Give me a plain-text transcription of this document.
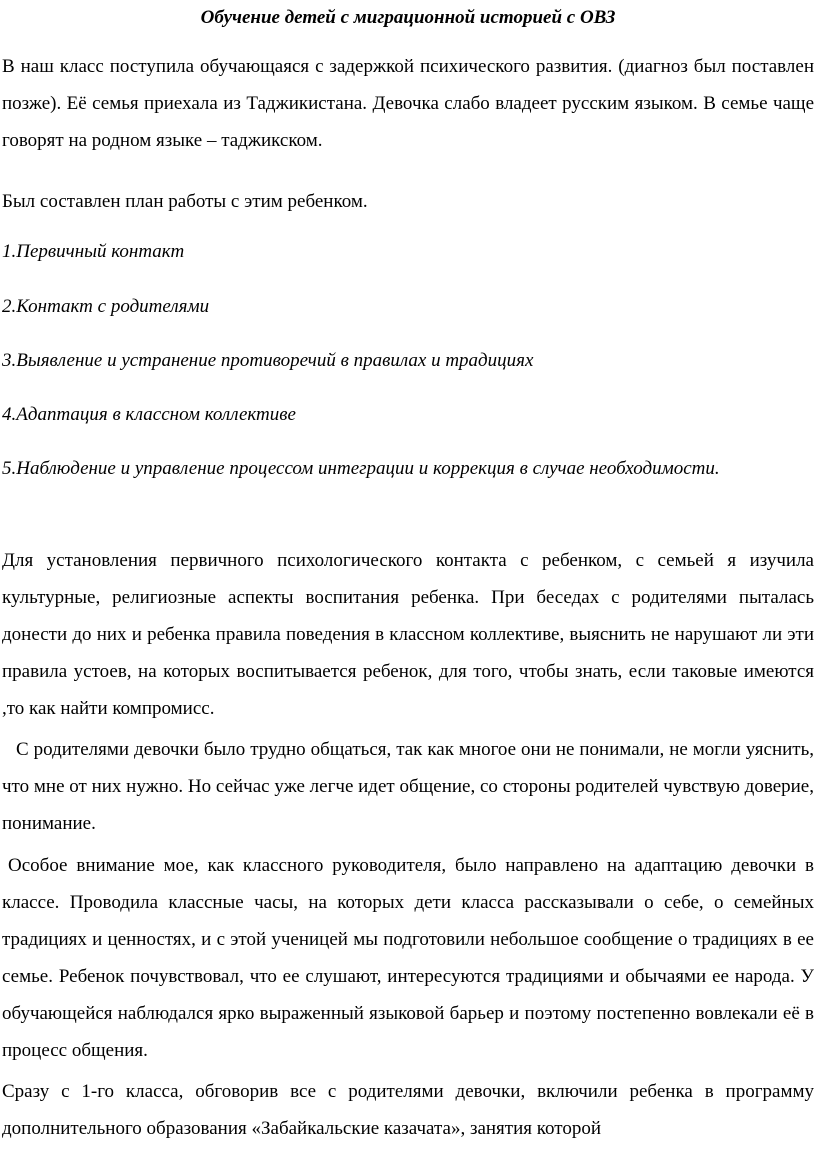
Обучение детей с миграционной историей с ОВЗ

В наш класс поступила обучающаяся с задержкой психического развития. (диагноз был поставлен позже). Её семья приехала из Таджикистана. Девочка слабо владеет русским языком. В семье чаще говорят на родном языке – таджикском.

Был составлен план работы с этим ребенком.

1.Первичный контакт

2.Контакт с родителями

3.Выявление и устранение противоречий в правилах и традициях

4.Адаптация в классном коллективе

5.Наблюдение и управление процессом интеграции и коррекция в случае необходимости.

Для установления первичного психологического контакта с ребенком, с семьей я изучила культурные, религиозные аспекты воспитания ребенка. При беседах с родителями пыталась донести до них и ребенка правила поведения в классном коллективе, выяснить не нарушают ли эти правила устоев, на которых воспитывается ребенок, для того, чтобы знать, если таковые имеются ,то как найти компромисс.

С родителями девочки было трудно общаться, так как многое они не понимали, не могли уяснить, что мне от них нужно. Но сейчас уже легче идет общение, со стороны родителей чувствую доверие, понимание.

Особое внимание мое, как классного руководителя, было направлено на адаптацию девочки в классе. Проводила классные часы, на которых дети класса рассказывали о себе, о семейных традициях и ценностях, и с этой ученицей мы подготовили небольшое сообщение о традициях в ее семье. Ребенок почувствовал, что ее слушают, интересуются традициями и обычаями ее народа. У обучающейся наблюдался ярко выраженный языковой барьер и поэтому постепенно вовлекали её в процесс общения.

Сразу с 1-го класса, обговорив все с родителями девочки, включили ребенка в программу дополнительного образования «Забайкальские казачата», занятия которой
